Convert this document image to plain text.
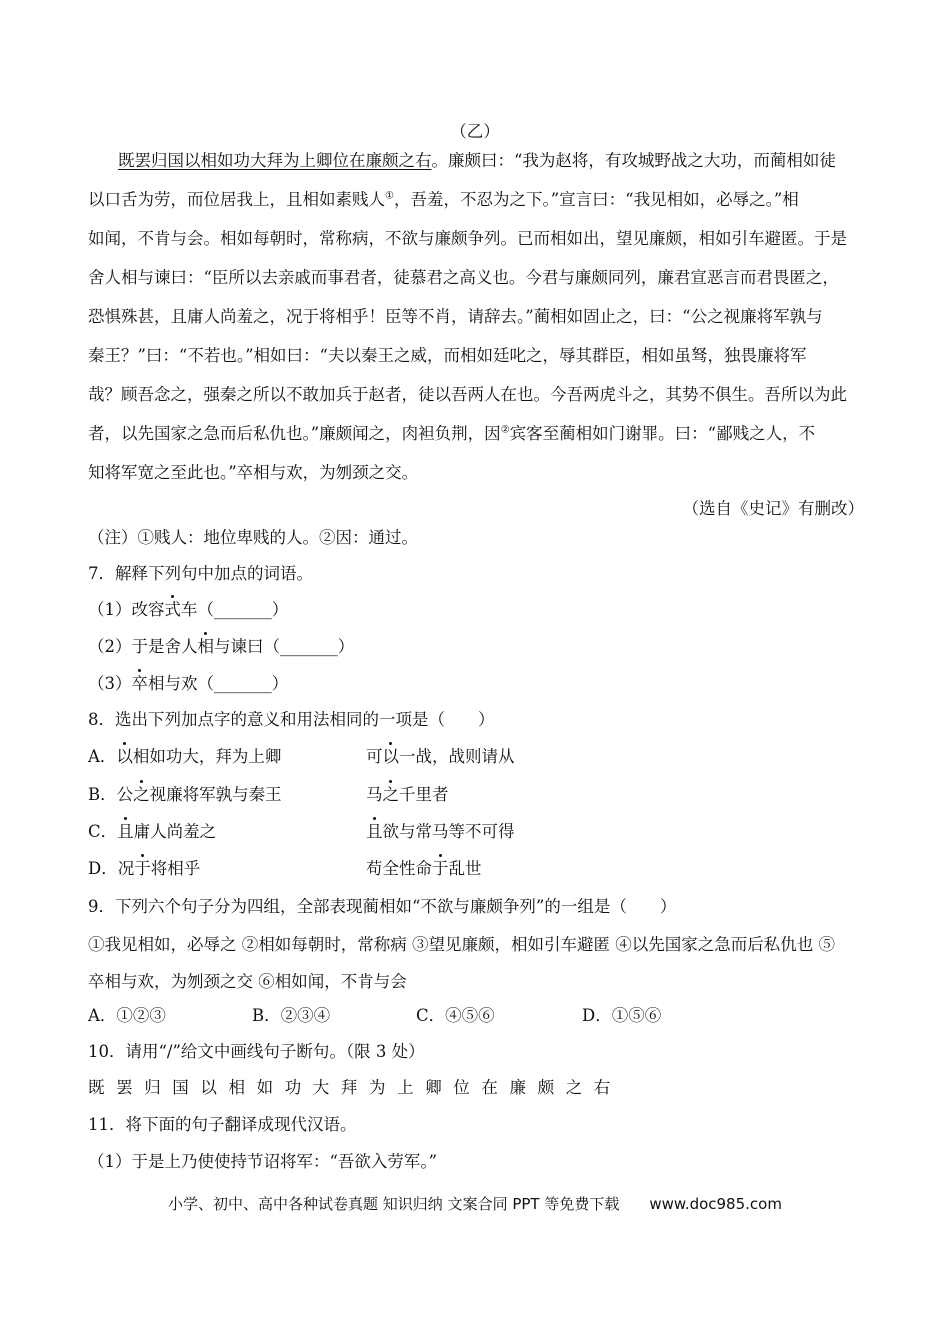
（乙）
既罢归国以相如功大拜为上卿位在廉颇之右。廉颇曰：“我为赵将，有攻城野战之大功，而蔺相如徒
以口舌为劳，而位居我上，且相如素贱人①，吾羞，不忍为之下。”宣言曰：“我见相如，必辱之。”相
如闻，不肯与会。相如每朝时，常称病，不欲与廉颇争列。已而相如出，望见廉颇，相如引车避匿。于是
舍人相与谏曰：“臣所以去亲戚而事君者，徒慕君之高义也。今君与廉颇同列，廉君宣恶言而君畏匿之，
恐惧殊甚，且庸人尚羞之，况于将相乎！臣等不肖，请辞去。”蔺相如固止之，曰：“公之视廉将军孰与
秦王？”曰：“不若也。”相如曰：“夫以秦王之威，而相如廷叱之，辱其群臣，相如虽驽，独畏廉将军
哉？顾吾念之，强秦之所以不敢加兵于赵者，徒以吾两人在也。今吾两虎斗之，其势不俱生。吾所以为此
者，以先国家之急而后私仇也。”廉颇闻之，肉袒负荆，因②宾客至蔺相如门谢罪。曰：“鄙贱之人，不
知将军宽之至此也。”卒相与欢，为刎颈之交。
（选自《史记》有删改）
（注）①贱人：地位卑贱的人。②因：通过。
7．解释下列句中加点的词语。
（1）改容式车（_______）
（2）于是舍人相与谏曰（_______）
（3）卒相与欢（_______）
8．选出下列加点字的意义和用法相同的一项是（　　）
A．以相如功大，拜为上卿	可以一战，战则请从
B．公之视廉将军孰与秦王	马之千里者
C．且庸人尚羞之	且欲与常马等不可得
D．况于将相乎	苟全性命于乱世
9．下列六个句子分为四组，全部表现蔺相如“不欲与廉颇争列”的一组是（　　）
①我见相如，必辱之 ②相如每朝时，常称病 ③望见廉颇，相如引车避匿 ④以先国家之急而后私仇也 ⑤
卒相与欢，为刎颈之交 ⑥相如闻，不肯与会
A．①②③	B．②③④	C．④⑤⑥	D．①⑤⑥
10．请用“/”给文中画线句子断句。（限 3 处）
既罢归国以相如功大拜为上卿位在廉颇之右
11．将下面的句子翻译成现代汉语。
（1）于是上乃使使持节诏将军：“吾欲入劳军。”
小学、初中、高中各种试卷真题 知识归纳 文案合同 PPT 等免费下载 www.doc985.com
